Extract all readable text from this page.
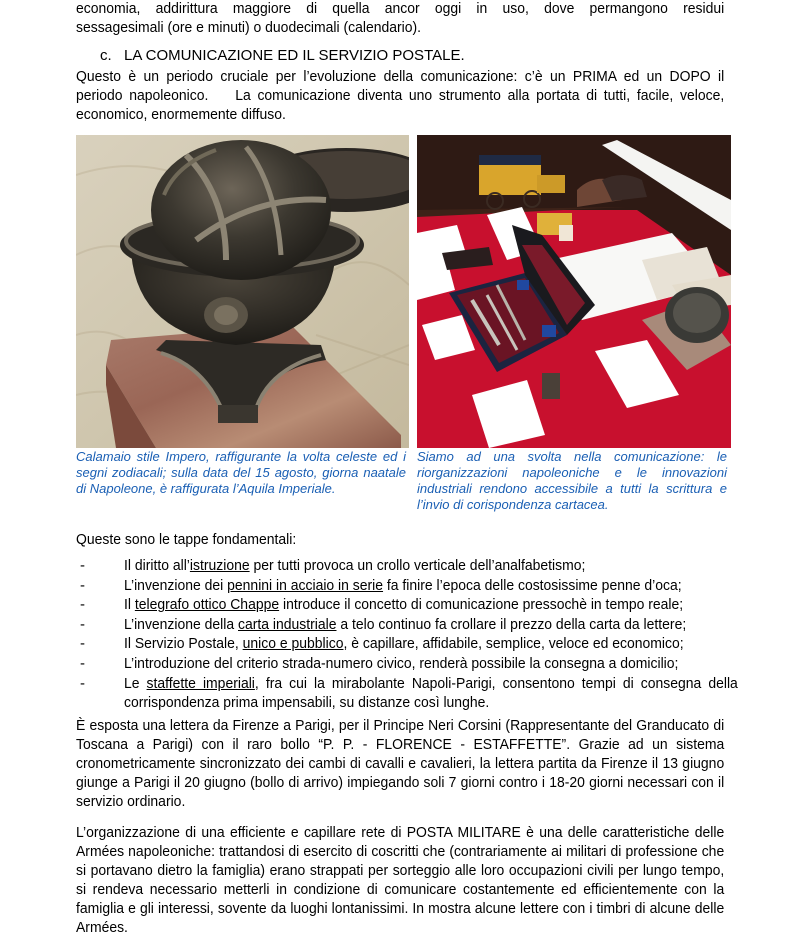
economia, addirittura maggiore di quella ancor oggi in uso, dove permangono residui
sessagesimali (ore e minuti) o duodecimali (calendario).
c. LA COMUNICAZIONE ED IL SERVIZIO POSTALE.
Questo è un periodo cruciale per l’evoluzione della comunicazione: c’è un PRIMA ed un DOPO il
periodo napoleonico.    La comunicazione diventa uno strumento alla portata di tutti, facile, veloce,
economico, enormemente diffuso.
Calamaio stile Impero, raffigurante la volta celeste ed i segni zodiacali; sulla data del 15 agosto, giorna naatale di Napoleone, è raffigurata l’Aquila Imperiale.
Siamo ad una svolta nella comunicazione: le riorganizzazioni napoleoniche e le innovazioni industriali rendono accessibile a tutti la scrittura e l’invio di corispondenza cartacea.
Queste sono le tappe fondamentali:
-	Il diritto all’istruzione per tutti provoca un crollo verticale dell’analfabetismo;
-	L’invenzione dei pennini in acciaio in serie fa finire l’epoca delle costosissime penne d’oca;
-	Il telegrafo ottico Chappe introduce il concetto di comunicazione pressochè in tempo reale;
-	L’invenzione della carta industriale a telo continuo fa crollare il prezzo della carta da lettere;
-	Il Servizio Postale, unico e pubblico, è capillare, affidabile, semplice, veloce ed economico;
-	L’introduzione del criterio strada-numero civico, renderà possibile la consegna a domicilio;
-	Le staffette imperiali, fra cui la mirabolante Napoli-Parigi, consentono tempi di consegna della corrispondenza prima impensabili, su distanze così lunghe.
È esposta una lettera da Firenze a Parigi, per il Principe Neri Corsini (Rappresentante del Granducato di Toscana a Parigi) con il raro bollo “P. P. - FLORENCE - ESTAFFETTE”. Grazie ad un sistema cronometricamente sincronizzato dei cambi di cavalli e cavalieri, la lettera partita da Firenze il 13 giugno giunge a Parigi il 20 giugno (bollo di arrivo) impiegando soli 7 giorni contro i 18-20 giorni necessari con il servizio ordinario.
L’organizzazione di una efficiente e capillare rete di POSTA MILITARE è una delle caratteristiche delle Armées napoleoniche: trattandosi di esercito di coscritti che (contrariamente ai militari di professione che si portavano dietro la famiglia) erano strappati per sorteggio alle loro occupazioni civili per lungo tempo, si rendeva necessario metterli in condizione di comunicare costantemente ed efficientemente con la famiglia e gli interessi, sovente da luoghi lontanissimi. In mostra alcune lettere con i timbri di alcune delle Armées.
